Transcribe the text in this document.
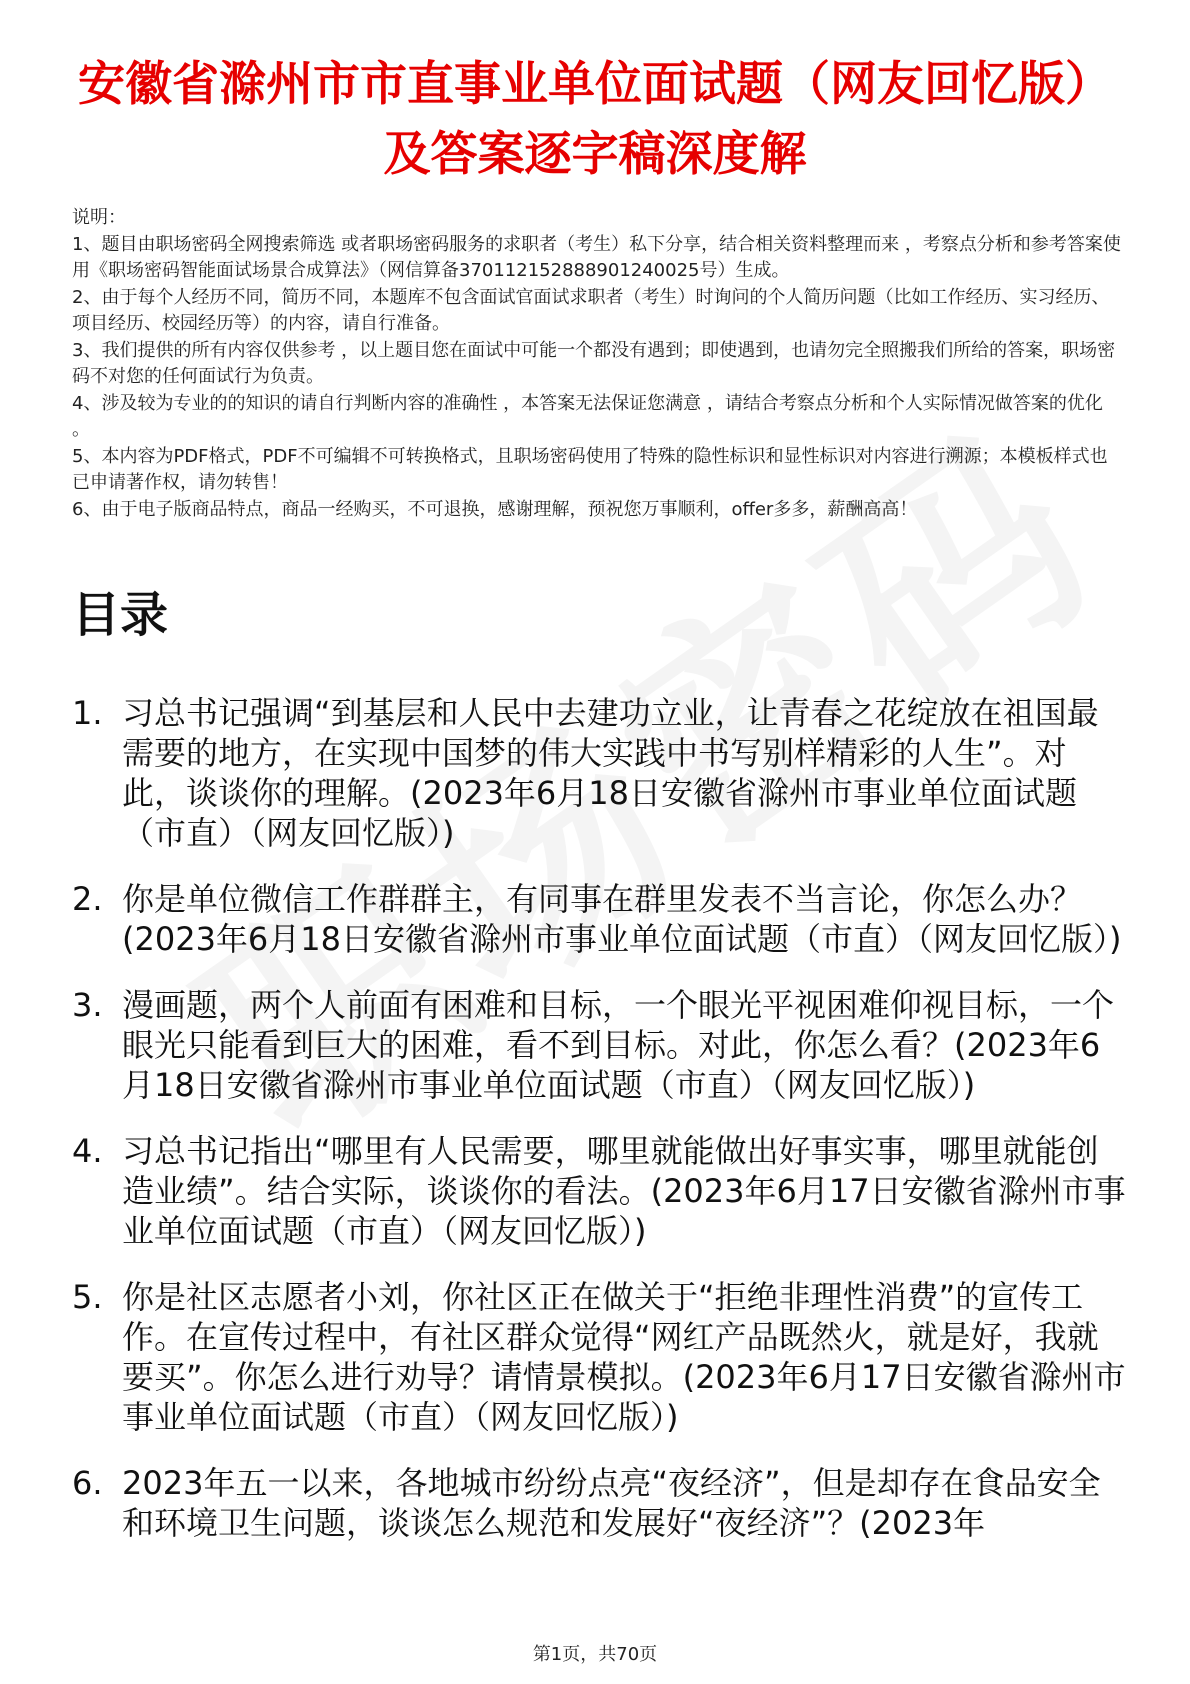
安徽省滁州市市直事业单位面试题（网友回忆版）及答案逐字稿深度解
说明：
1、题目由职场密码全网搜索筛选 或者职场密码服务的求职者（考生）私下分享，结合相关资料整理而来 ，考察点分析和参考答案使用《职场密码智能面试场景合成算法》（网信算备370112152888901240025号）生成。
2、由于每个人经历不同，简历不同，本题库不包含面试官面试求职者（考生）时询问的个人简历问题（比如工作经历、实习经历、项目经历、校园经历等）的内容，请自行准备。
3、我们提供的所有内容仅供参考 ，以上题目您在面试中可能一个都没有遇到；即使遇到，也请勿完全照搬我们所给的答案，职场密码不对您的任何面试行为负责。
4、涉及较为专业的的知识的请自行判断内容的准确性 ，本答案无法保证您满意 ，请结合考察点分析和个人实际情况做答案的优化 。
5、本内容为PDF格式，PDF不可编辑不可转换格式，且职场密码使用了特殊的隐性标识和显性标识对内容进行溯源；本模板样式也已申请著作权，请勿转售！
6、由于电子版商品特点，商品一经购买，不可退换，感谢理解，预祝您万事顺利，offer多多，薪酬高高！
目录
1. 习总书记强调“到基层和人民中去建功立业，让青春之花绽放在祖国最需要的地方，在实现中国梦的伟大实践中书写别样精彩的人生”。对此，谈谈你的理解。(2023年6月18日安徽省滁州市事业单位面试题（市直）（网友回忆版）)
2. 你是单位微信工作群群主，有同事在群里发表不当言论，你怎么办？(2023年6月18日安徽省滁州市事业单位面试题（市直）（网友回忆版）)
3. 漫画题，两个人前面有困难和目标，一个眼光平视困难仰视目标，一个眼光只能看到巨大的困难，看不到目标。对此，你怎么看？(2023年6月18日安徽省滁州市事业单位面试题（市直）（网友回忆版）)
4. 习总书记指出“哪里有人民需要，哪里就能做出好事实事，哪里就能创造业绩”。结合实际，谈谈你的看法。(2023年6月17日安徽省滁州市事业单位面试题（市直）（网友回忆版）)
5. 你是社区志愿者小刘，你社区正在做关于“拒绝非理性消费”的宣传工作。在宣传过程中，有社区群众觉得“网红产品既然火，就是好，我就要买”。你怎么进行劝导？请情景模拟。(2023年6月17日安徽省滁州市事业单位面试题（市直）（网友回忆版）)
6. 2023年五一以来，各地城市纷纷点亮“夜经济”，但是却存在食品安全和环境卫生问题，谈谈怎么规范和发展好“夜经济”？(2023年
第1页，共70页
